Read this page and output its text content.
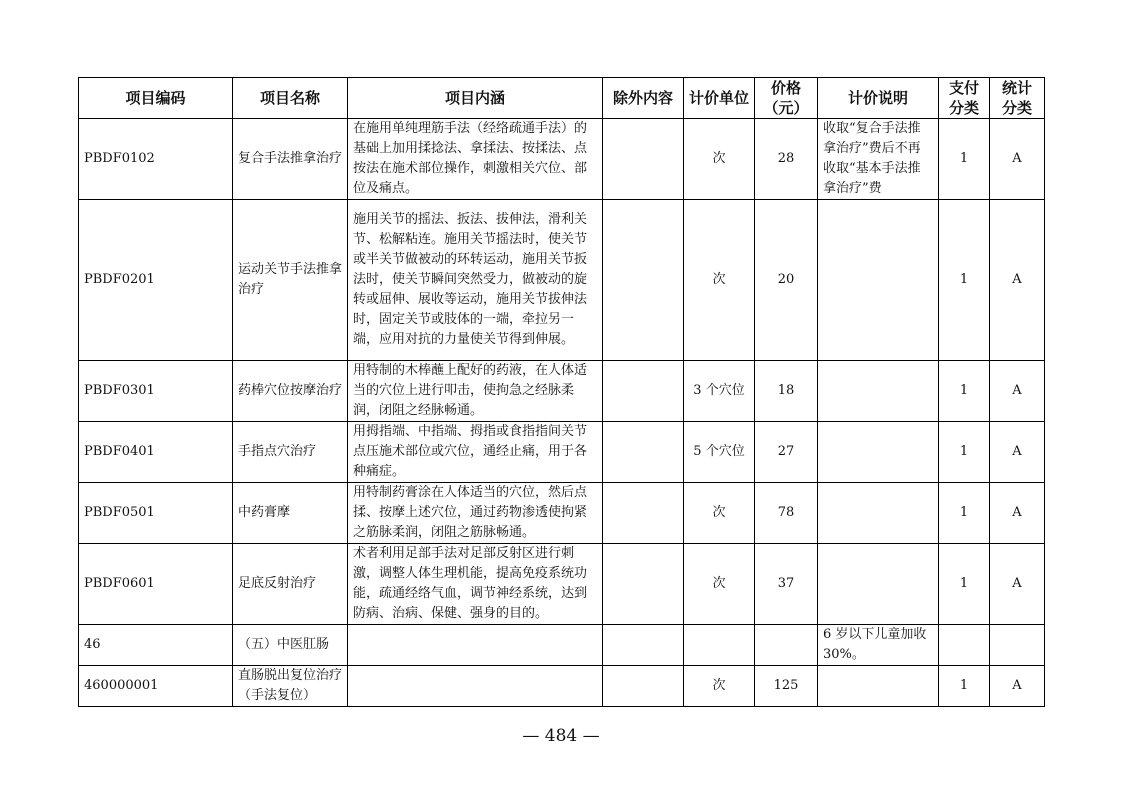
项目编码	项目名称	项目内涵	除外内容	计价单位	价格（元）	计价说明	支付分类	统计分类
PBDF0102	复合手法推拿治疗	在施用单纯理筋手法（经络疏通手法）的基础上加用揉捻法、拿揉法、按揉法、点按法在施术部位操作，刺激相关穴位、部位及痛点。		次	28	收取“复合手法推拿治疗”费后不再收取“基本手法推拿治疗”费	1	A
PBDF0201	运动关节手法推拿治疗	施用关节的摇法、扳法、拔伸法，滑利关节、松解粘连。施用关节摇法时，使关节或半关节做被动的环转运动，施用关节扳法时，使关节瞬间突然受力，做被动的旋转或屈伸、展收等运动，施用关节拔伸法时，固定关节或肢体的一端，牵拉另一端，应用对抗的力量使关节得到伸展。		次	20		1	A
PBDF0301	药棒穴位按摩治疗	用特制的木棒蘸上配好的药液，在人体适当的穴位上进行叩击，使拘急之经脉柔润，闭阻之经脉畅通。		3 个穴位	18		1	A
PBDF0401	手指点穴治疗	用拇指端、中指端、拇指或食指指间关节点压施术部位或穴位，通经止痛，用于各种痛症。		5 个穴位	27		1	A
PBDF0501	中药膏摩	用特制药膏涂在人体适当的穴位，然后点揉、按摩上述穴位，通过药物渗透使拘紧之筋脉柔润，闭阻之筋脉畅通。		次	78		1	A
PBDF0601	足底反射治疗	术者利用足部手法对足部反射区进行刺激，调整人体生理机能，提高免疫系统功能，疏通经络气血，调节神经系统，达到防病、治病、保健、强身的目的。		次	37		1	A
46	（五）中医肛肠					6 岁以下儿童加收 30%。		
460000001	直肠脱出复位治疗（手法复位）			次	125		1	A
— 484 —
